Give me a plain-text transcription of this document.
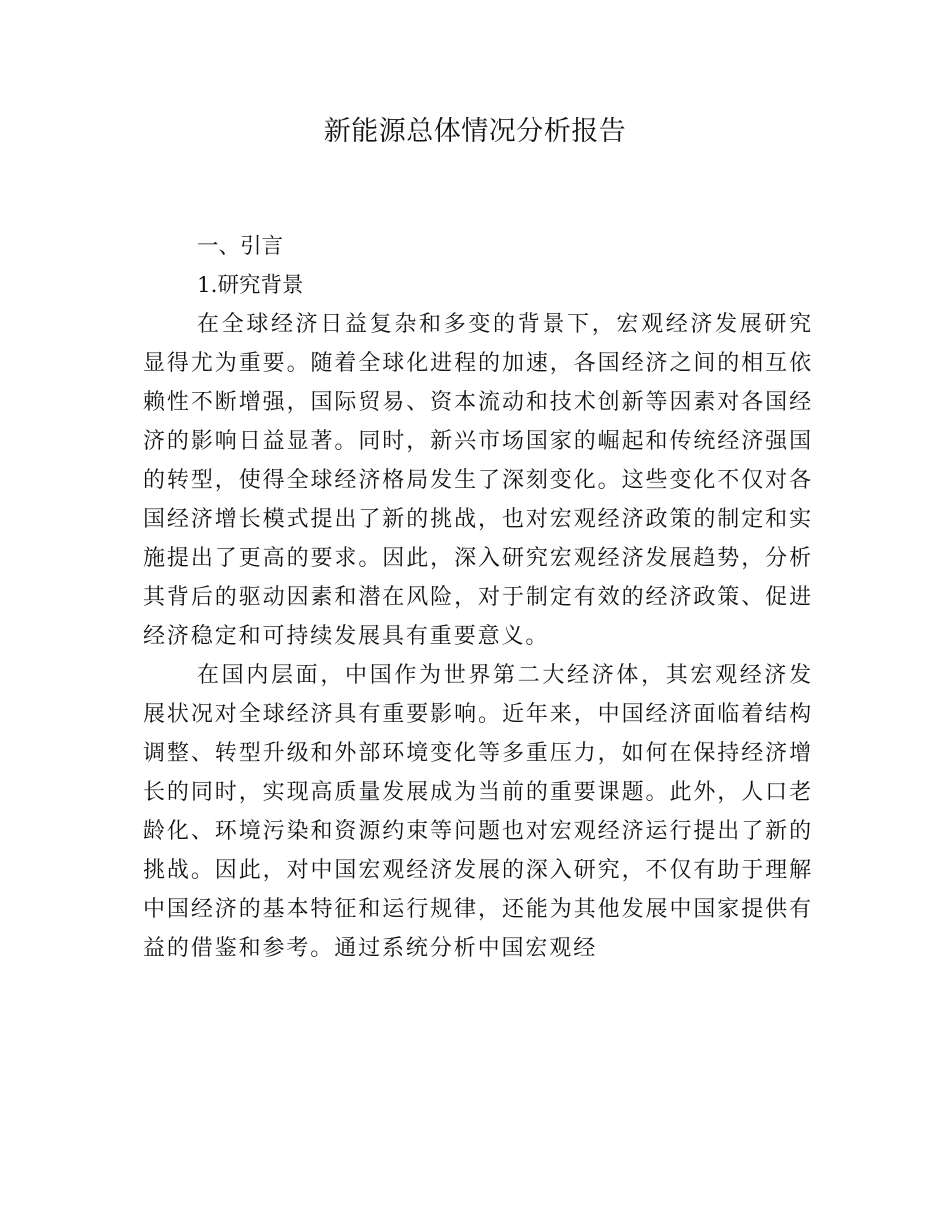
新能源总体情况分析报告
一、引言
1.研究背景

在全球经济日益复杂和多变的背景下，宏观经济发展研究显得尤为重要。随着全球化进程的加速，各国经济之间的相互依赖性不断增强，国际贸易、资本流动和技术创新等因素对各国经济的影响日益显著。同时，新兴市场国家的崛起和传统经济强国的转型，使得全球经济格局发生了深刻变化。这些变化不仅对各国经济增长模式提出了新的挑战，也对宏观经济政策的制定和实施提出了更高的要求。因此，深入研究宏观经济发展趋势，分析其背后的驱动因素和潜在风险，对于制定有效的经济政策、促进经济稳定和可持续发展具有重要意义。

在国内层面，中国作为世界第二大经济体，其宏观经济发展状况对全球经济具有重要影响。近年来，中国经济面临着结构调整、转型升级和外部环境变化等多重压力，如何在保持经济增长的同时，实现高质量发展成为当前的重要课题。此外，人口老龄化、环境污染和资源约束等问题也对宏观经济运行提出了新的挑战。因此，对中国宏观经济发展的深入研究，不仅有助于理解中国经济的基本特征和运行规律，还能为其他发展中国家提供有益的借鉴和参考。通过系统分析中国宏观经
